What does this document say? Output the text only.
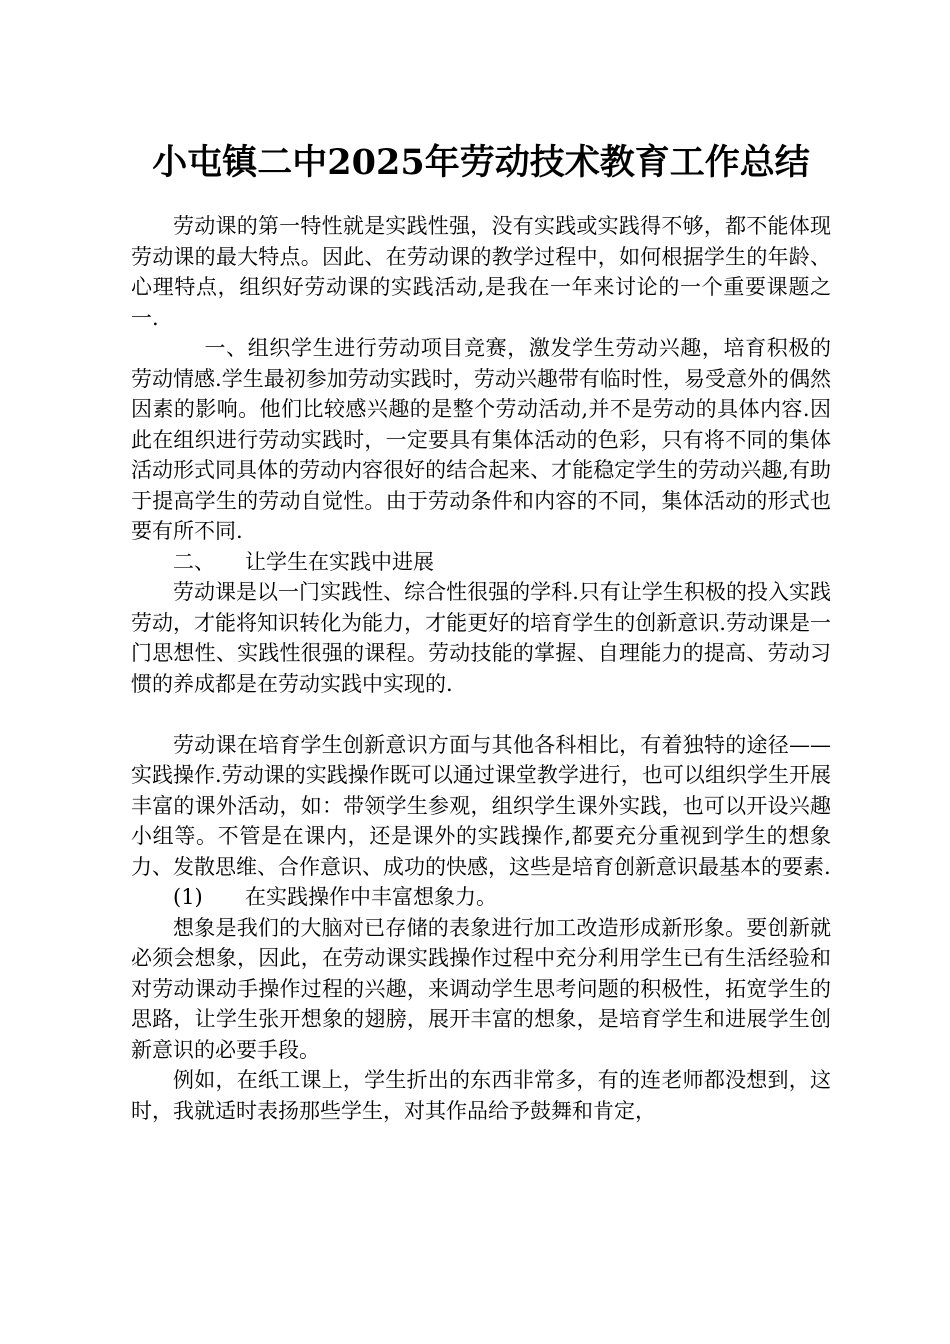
小屯镇二中2025年劳动技术教育工作总结

劳动课的第一特性就是实践性强，没有实践或实践得不够，都不能体现劳动课的最大特点。因此、在劳动课的教学过程中，如何根据学生的年龄、心理特点，组织好劳动课的实践活动,是我在一年来讨论的一个重要课题之一.

一、组织学生进行劳动项目竞赛，激发学生劳动兴趣，培育积极的劳动情感.学生最初参加劳动实践时，劳动兴趣带有临时性，易受意外的偶然因素的影响。他们比较感兴趣的是整个劳动活动,并不是劳动的具体内容.因此在组织进行劳动实践时，一定要具有集体活动的色彩，只有将不同的集体活动形式同具体的劳动内容很好的结合起来、才能稳定学生的劳动兴趣,有助于提高学生的劳动自觉性。由于劳动条件和内容的不同，集体活动的形式也要有所不同.

二、 让学生在实践中进展

劳动课是以一门实践性、综合性很强的学科.只有让学生积极的投入实践劳动，才能将知识转化为能力，才能更好的培育学生的创新意识.劳动课是一门思想性、实践性很强的课程。劳动技能的掌握、自理能力的提高、劳动习惯的养成都是在劳动实践中实现的.

劳动课在培育学生创新意识方面与其他各科相比，有着独特的途径——实践操作.劳动课的实践操作既可以通过课堂教学进行，也可以组织学生开展丰富的课外活动，如：带领学生参观，组织学生课外实践，也可以开设兴趣小组等。不管是在课内，还是课外的实践操作,都要充分重视到学生的想象力、发散思维、合作意识、成功的快感，这些是培育创新意识最基本的要素.

(1) 在实践操作中丰富想象力。

想象是我们的大脑对已存储的表象进行加工改造形成新形象。要创新就必须会想象，因此，在劳动课实践操作过程中充分利用学生已有生活经验和对劳动课动手操作过程的兴趣，来调动学生思考问题的积极性，拓宽学生的思路，让学生张开想象的翅膀，展开丰富的想象，是培育学生和进展学生创新意识的必要手段。

例如，在纸工课上，学生折出的东西非常多，有的连老师都没想到，这时，我就适时表扬那些学生，对其作品给予鼓舞和肯定，
